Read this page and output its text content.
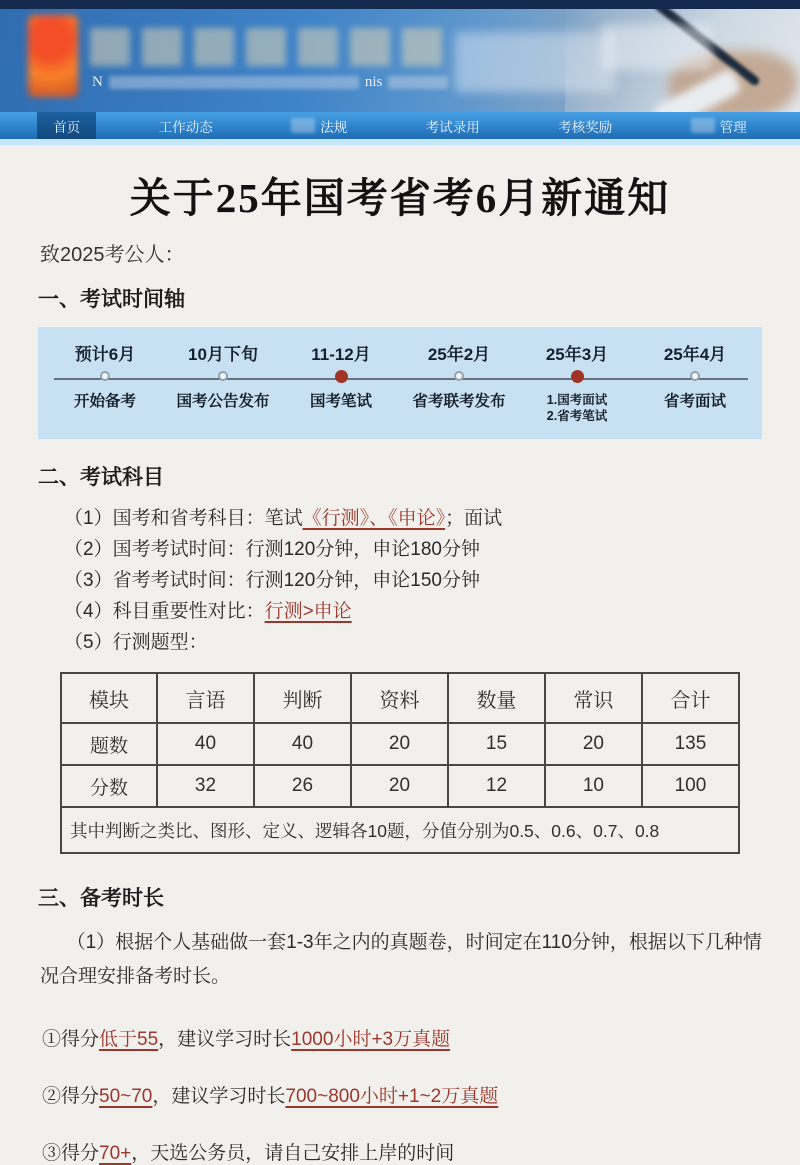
N	nis
首页	工作动态	法规	考试录用	考核奖励	管理
关于25年国考省考6月新通知

致2025考公人：

一、考试时间轴
预计6月
开始备考
10月下旬
国考公告发布
11-12月
国考笔试
25年2月
省考联考发布
25年3月
1.国考面试
2.省考笔试
25年4月
省考面试
二、考试科目
（1）国考和省考科目：笔试《行测》、《申论》；面试
（2）国考考试时间：行测120分钟，申论180分钟
（3）省考考试时间：行测120分钟，申论150分钟
（4）科目重要性对比：行测>申论
（5）行测题型：
模块	言语	判断	资料	数量	常识	合计
题数	40	40	20	15	20	135
分数	32	26	20	12	10	100
其中判断之类比、图形、定义、逻辑各10题，分值分别为0.5、0.6、0.7、0.8						
三、备考时长

（1）根据个人基础做一套1-3年之内的真题卷，时间定在110分钟，根据以下几种情况合理安排备考时长。

①得分低于55，建议学习时长1000小时+3万真题

②得分50~70，建议学习时长700~800小时+1~2万真题

③得分70+，天选公务员，请自己安排上岸的时间
